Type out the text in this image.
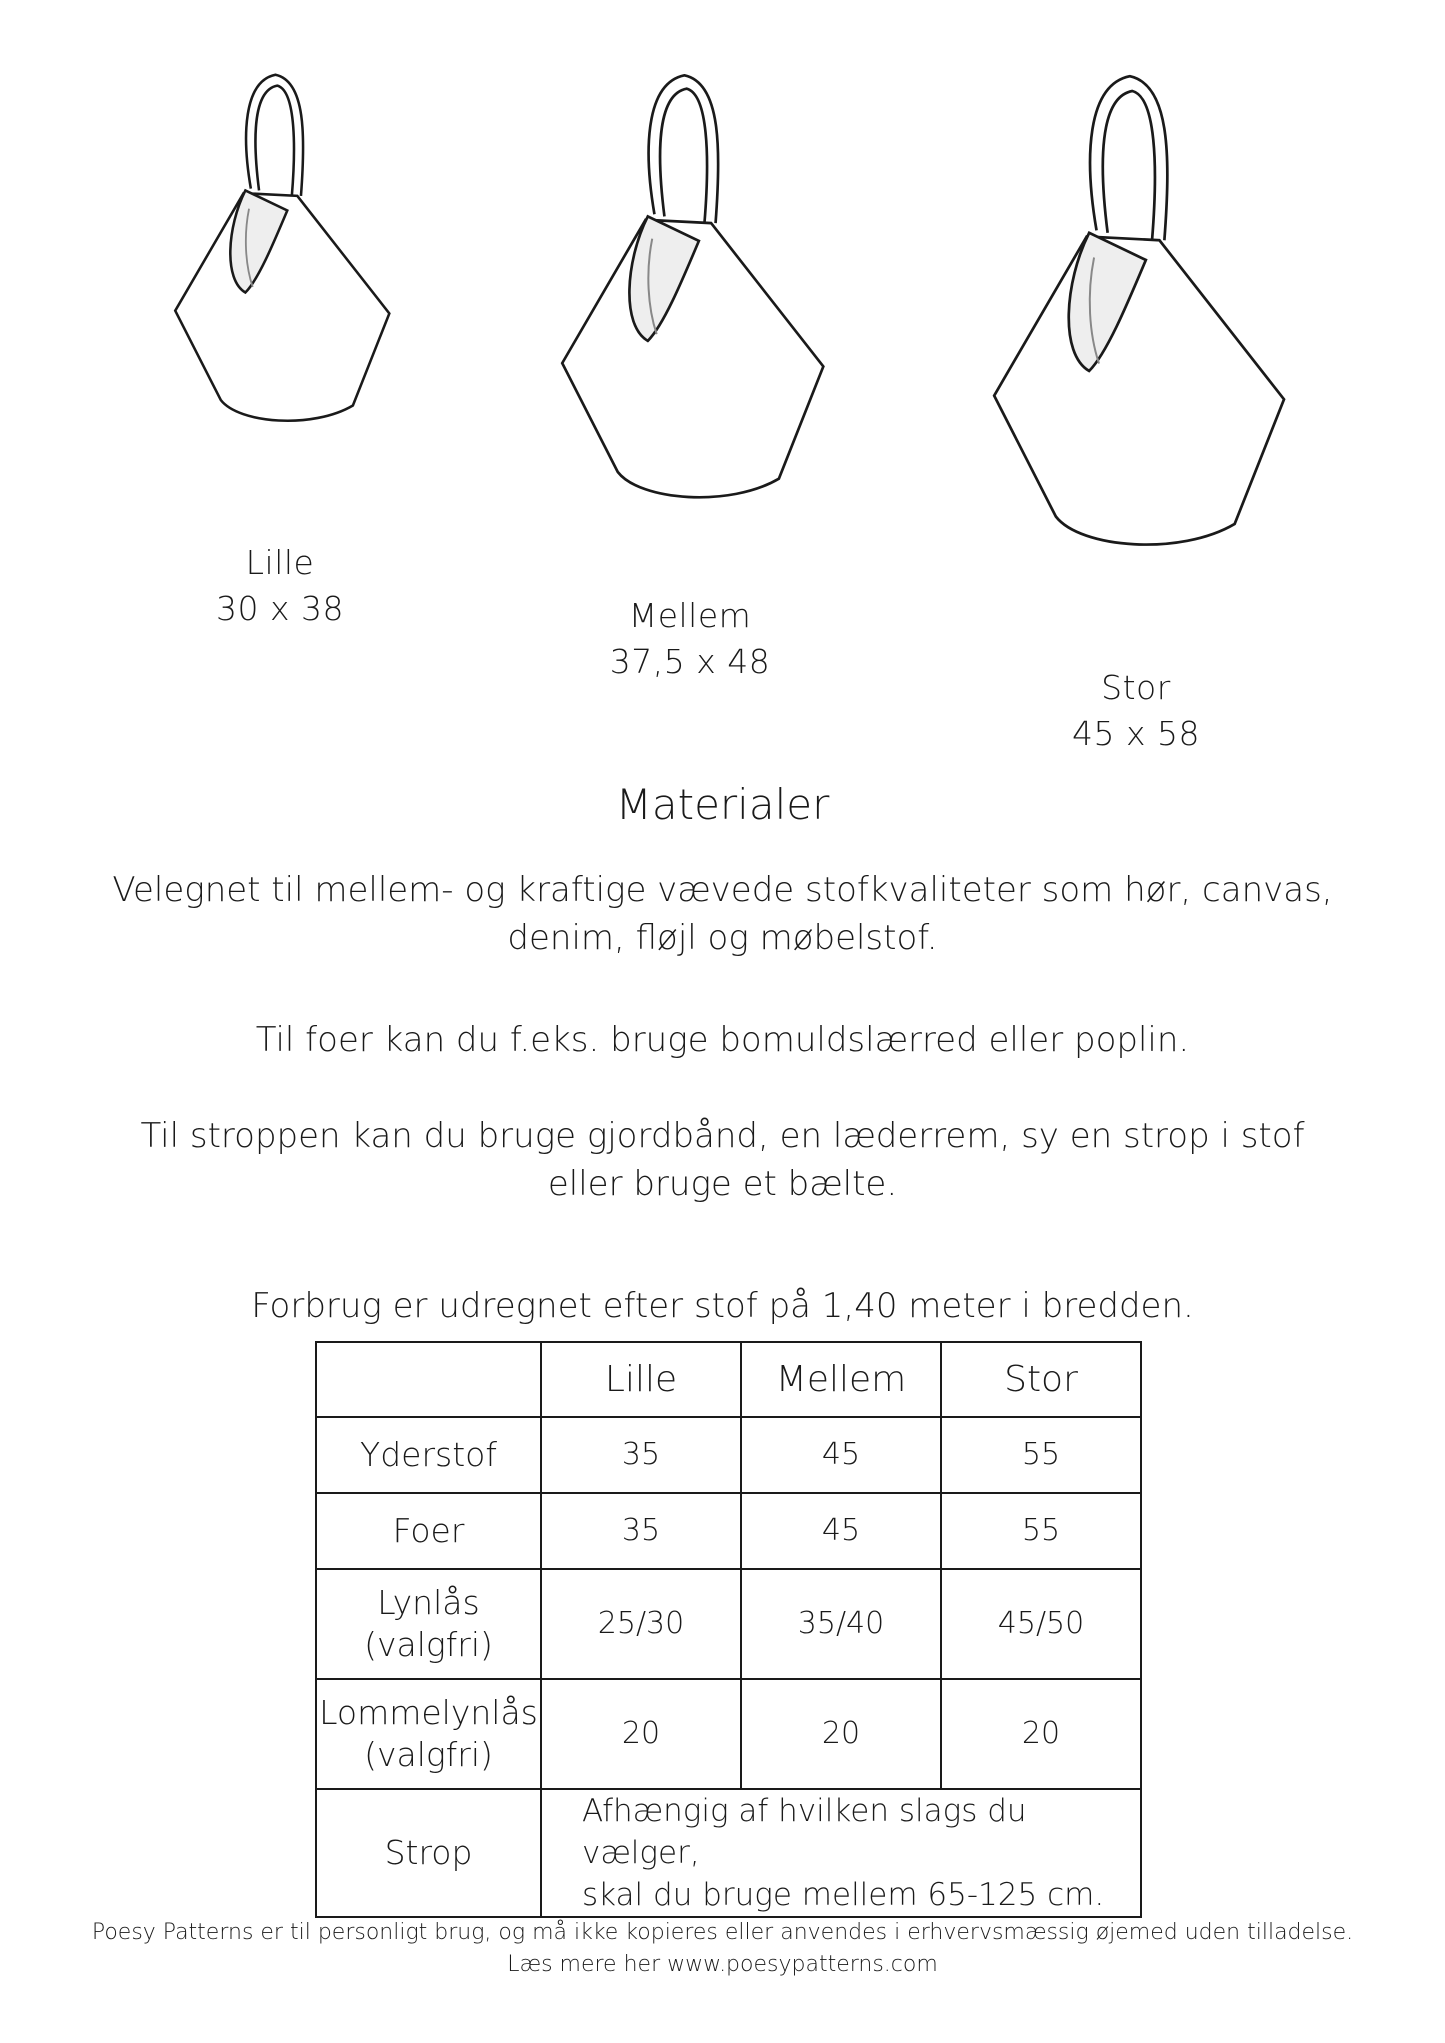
Lille
30 x 38	Mellem
37,5 x 48
Stor
45 x 58
Materialer
Velegnet til mellem- og kraftige vævede stofkvaliteter som hør, canvas,
denim, fløjl og møbelstof.
Til foer kan du f.eks. bruge bomuldslærred eller poplin.
Til stroppen kan du bruge gjordbånd, en læderrem, sy en strop i stof
eller bruge et bælte.
Forbrug er udregnet efter stof på 1,40 meter i bredden.
	Lille	Mellem	Stor
Yderstof	35	45	55
Foer	35	45	55

Lynlås
(valgfri)	25/30	35/40	45/50

Lommelynlås
(valgfri)	20	20	20
Strop	Afhængig af hvilken slags du vælger,
skal du bruge mellem 65-125 cm.		
Poesy Patterns er til personligt brug, og må ikke kopieres eller anvendes i erhvervsmæssig øjemed uden tilladelse.
Læs mere her www.poesypatterns.com
